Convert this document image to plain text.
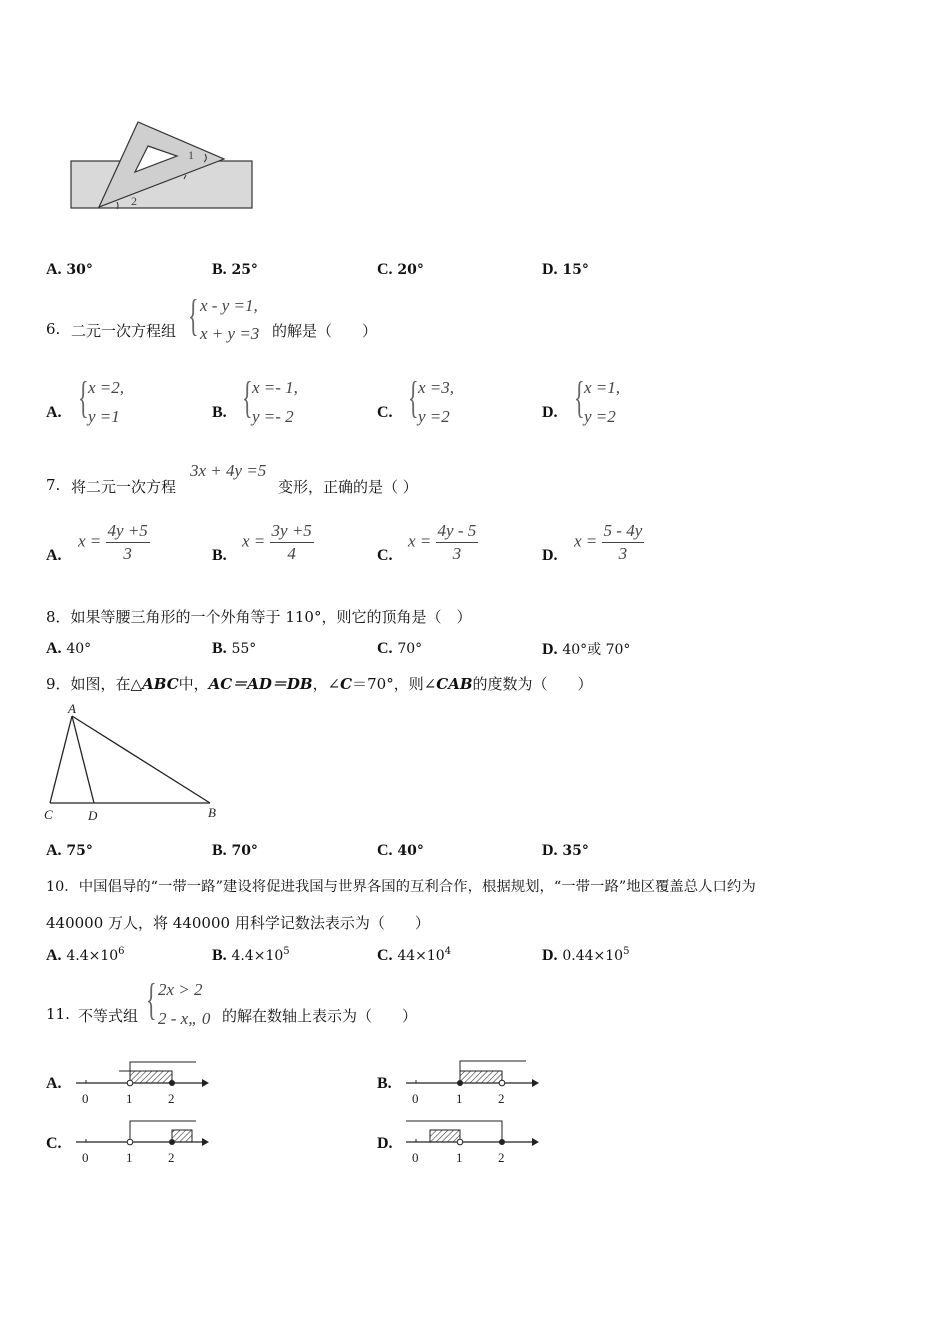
1
2
A. 30°	B. 25°	C. 20°	D. 15°
6. 二元一次方程组 { x - y =1,
x + y =3 的解是（　　）
A. { x =2,
y =1	B. { x =- 1,
y =- 2	C. { x =3,
y =2	D. { x =1,
y =2
7. 将二元一次方程
3x + 4y =5
变形，正确的是（ ）
A.
$x = \frac{4y +5}{3}$	B.
$x = \frac{3y +5}{4}$	C.
$x = \frac{4y - 5}{3}$	D.
$x = \frac{5 - 4y}{3}$
8．如果等腰三角形的一个外角等于 110°，则它的顶角是（　）
A. 40°	B. 55°	C. 70°	D. 40°或 70°
9．如图，在△ABC中，AC＝AD＝DB，∠C＝70°，则∠CAB的度数为（　　）
A
C	D	B
A. 75°	B. 70°	C. 40°	D. 35°
10．中国倡导的“一带一路”建设将促进我国与世界各国的互利合作，根据规划，“一带一路”地区覆盖总人口约为
440000 万人，将 440000 用科学记数法表示为（　　）
A. $4.4\times 10^6$	B. $4.4\times 10^5$	C. $44\times 10^4$	D. $0.44\times 10^5$
11. 不等式组 { 2x > 2
2 - x„ 0 的解在数轴上表示为（　　）
A.	B.
C.	D.
0	1	2	0	1	2
0	1	2	0	1	2
